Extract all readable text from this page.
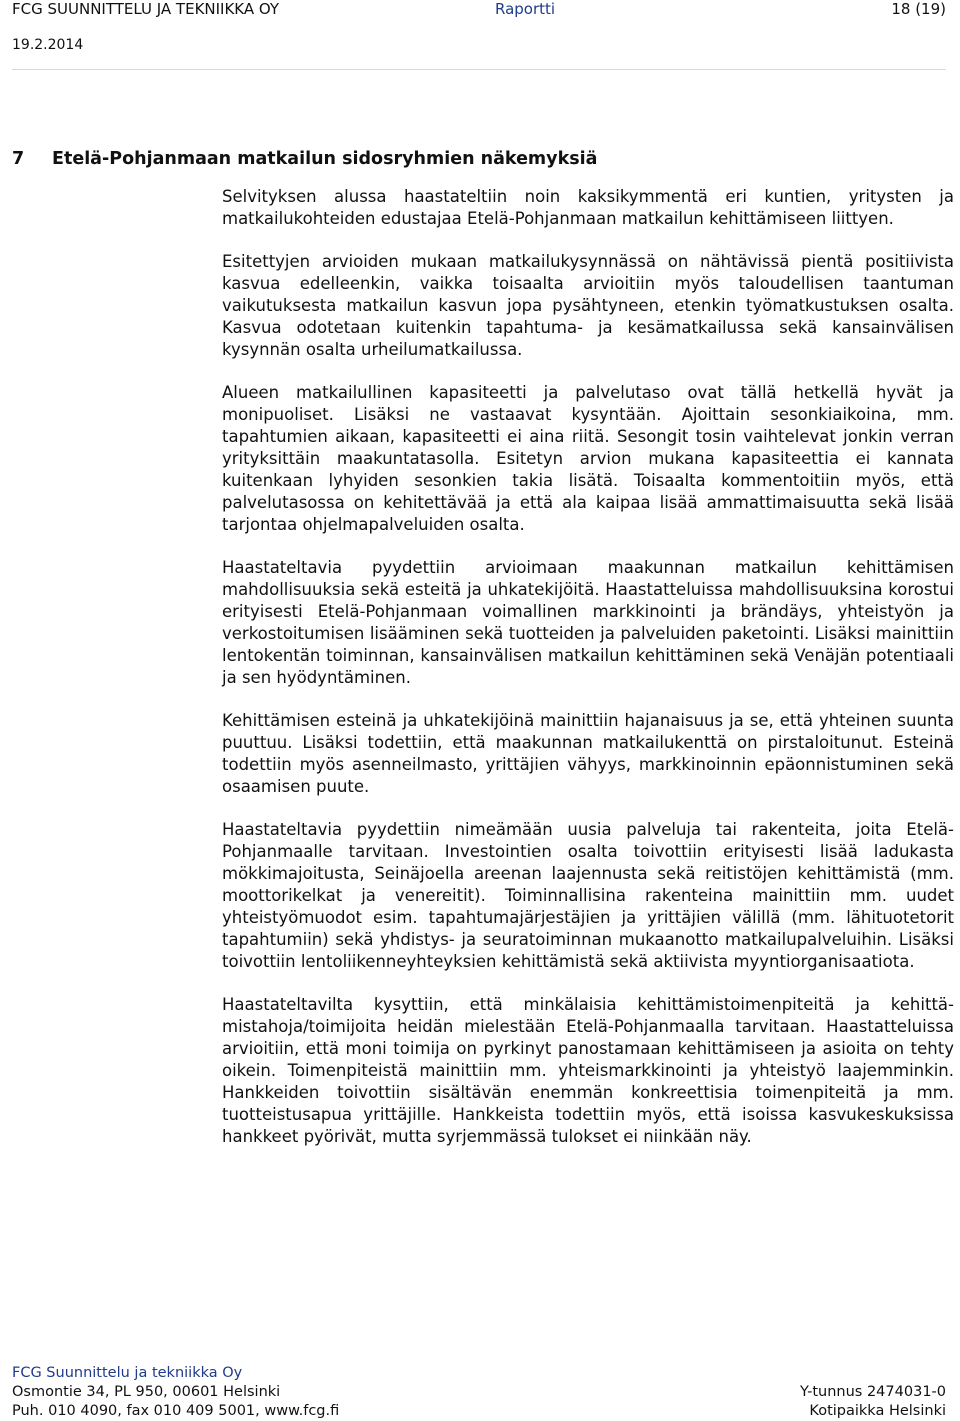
FCG SUUNNITTELU JA TEKNIIKKA OY	Raportti	18 (19)
19.2.2014
7 Etelä-Pohjanmaan matkailun sidosryhmien näkemyksiä

Selvityksen alussa haastateltiin noin kaksikymmentä eri kuntien, yritysten ja matkailukohteiden edustajaa Etelä-Pohjanmaan matkailun kehittämiseen liittyen.

Esitettyjen arvioiden mukaan matkailukysynnässä on nähtävissä pientä positiivista kasvua edelleenkin, vaikka toisaalta arvioitiin myös taloudellisen taantuman vaikutuksesta matkailun kasvun jopa pysähtyneen, etenkin työmatkustuksen osalta. Kasvua odotetaan kuitenkin tapahtuma- ja kesämatkailussa sekä kansainvälisen kysynnän osalta urheilumatkailussa.

Alueen matkailullinen kapasiteetti ja palvelutaso ovat tällä hetkellä hyvät ja monipuoliset. Lisäksi ne vastaavat kysyntään. Ajoittain sesonkiaikoina, mm. tapahtumien aikaan, kapasiteetti ei aina riitä. Sesongit tosin vaihtelevat jonkin verran yrityksittäin maakuntatasolla. Esitetyn arvion mukana kapasiteettia ei kannata kuitenkaan lyhyiden sesonkien takia lisätä. Toisaalta kommentoitiin myös, että palvelutasossa on kehitettävää ja että ala kaipaa lisää ammattimaisuutta sekä lisää tarjontaa ohjelmapalveluiden osalta.

Haastateltavia pyydettiin arvioimaan maakunnan matkailun kehittämisen mahdollisuuksia sekä esteitä ja uhkatekijöitä. Haastatteluissa mahdollisuuksina korostui erityisesti Etelä-Pohjanmaan voimallinen markkinointi ja brändäys, yhteistyön ja verkostoitumisen lisääminen sekä tuotteiden ja palveluiden paketointi. Lisäksi mainittiin lentokentän toiminnan, kansainvälisen matkailun kehittäminen sekä Venäjän potentiaali ja sen hyödyntäminen.

Kehittämisen esteinä ja uhkatekijöinä mainittiin hajanaisuus ja se, että yhteinen suunta puuttuu. Lisäksi todettiin, että maakunnan matkailukenttä on pirstaloitunut. Esteinä todettiin myös asenneilmasto, yrittäjien vähyys, markkinoinnin epäonnistuminen sekä osaamisen puute.

Haastateltavia pyydettiin nimeämään uusia palveluja tai rakenteita, joita Etelä-Pohjanmaalle tarvitaan. Investointien osalta toivottiin erityisesti lisää ladukasta mökkimajoitusta, Seinäjoella areenan laajennusta sekä reitistöjen kehittämistä (mm. moottorikelkat ja venereitit). Toiminnallisina rakenteina mainittiin mm. uudet yhteistyömuodot esim. tapahtumajärjestäjien ja yrittäjien välillä (mm. lähituotetorit tapahtumiin) sekä yhdistys- ja seuratoiminnan mukaanotto matkailupalveluihin. Lisäksi toivottiin lentoliikenneyhteyksien kehittämistä sekä aktiivista myyntiorganisaatiota.

Haastateltavilta kysyttiin, että minkälaisia kehittämistoimenpiteitä ja kehittämistahoja/toimijoita heidän mielestään Etelä-Pohjanmaalla tarvitaan. Haastatteluissa arvioitiin, että moni toimija on pyrkinyt panostamaan kehittämiseen ja asioita on tehty oikein. Toimenpiteistä mainittiin mm. yhteismarkkinointi ja yhteistyö laajemminkin. Hankkeiden toivottiin sisältävän enemmän konkreettisia toimenpiteitä ja mm. tuotteistusapua yrittäjille. Hankkeista todettiin myös, että isoissa kasvukeskuksissa hankkeet pyörivät, mutta syrjemmässä tulokset ei niinkään näy.

FCG Suunnittelu ja tekniikka Oy
Osmontie 34, PL 950, 00601 Helsinki	Y-tunnus 2474031-0
Puh. 010 4090, fax 010 409 5001, www.fcg.fi	Kotipaikka Helsinki
